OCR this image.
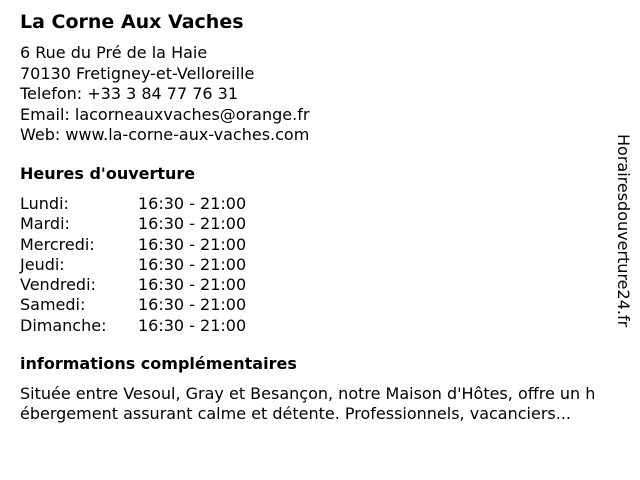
La Corne Aux Vaches
6 Rue du Pré de la Haie
70130 Fretigney-et-Velloreille
Telefon: +33 3 84 77 76 31
Email: lacorneauxvaches@orange.fr
Web: www.la-corne-aux-vaches.com
Heures d'ouverture
Lundi:	16:30 - 21:00
Mardi:	16:30 - 21:00
Mercredi:	16:30 - 21:00
Jeudi:	16:30 - 21:00
Vendredi:	16:30 - 21:00
Samedi:	16:30 - 21:00
Dimanche: 16:30 - 21:00
informations complémentaires

Située entre Vesoul, Gray et Besançon, notre Maison d'Hôtes, offre un hébergement assurant calme et détente. Professionnels, vacanciers...

Horairesdouverture24.fr
